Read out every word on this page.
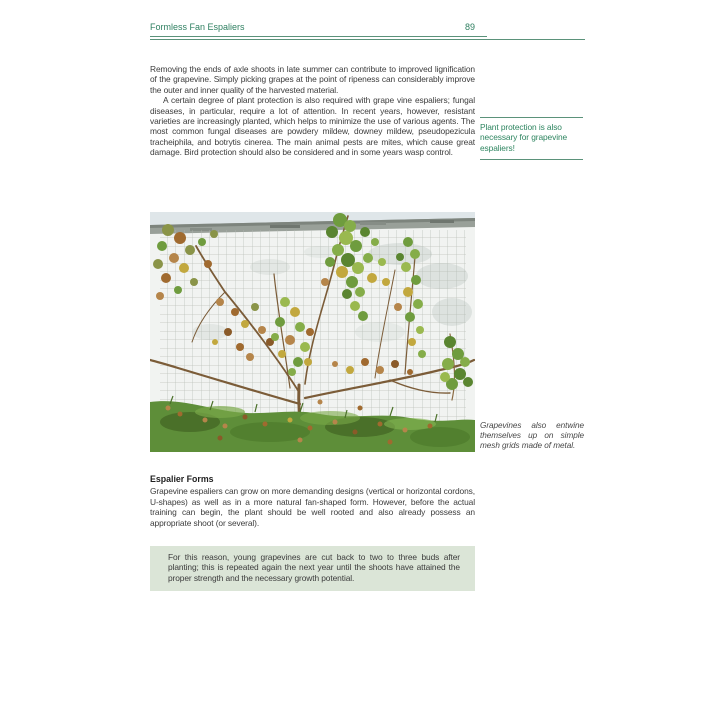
Formless Fan Espaliers	89

Removing the ends of axle shoots in late summer can contribute to improved lignification of the grapevine. Simply picking grapes at the point of ripeness can considerably improve the outer and inner quality of the harvested material.

A certain degree of plant protection is also required with grape vine espaliers; fungal diseases, in particular, require a lot of attention. In recent years, however, resistant varieties are increasingly planted, which helps to minimize the use of various agents. The most common fungal diseases are powdery mildew, downey mildew, pseudopezicula tracheiphila, and botrytis cinerea. The main animal pests are mites, which cause great damage. Bird protection should also be considered and in some years wasp control.

Plant protection is also necessary for grapevine espaliers!

Grapevines also entwine themselves up on simple mesh grids made of metal.
Espalier Forms

Grapevine espaliers can grow on more demanding designs (vertical or horizontal cordons, U-shapes) as well as in a more natural fan-shaped form. However, before the actual training can begin, the plant should be well rooted and also already possess an appropriate shoot (or several).

For this reason, young grapevines are cut back to two to three buds after planting; this is repeated again the next year until the shoots have attained the proper strength and the necessary growth potential.
